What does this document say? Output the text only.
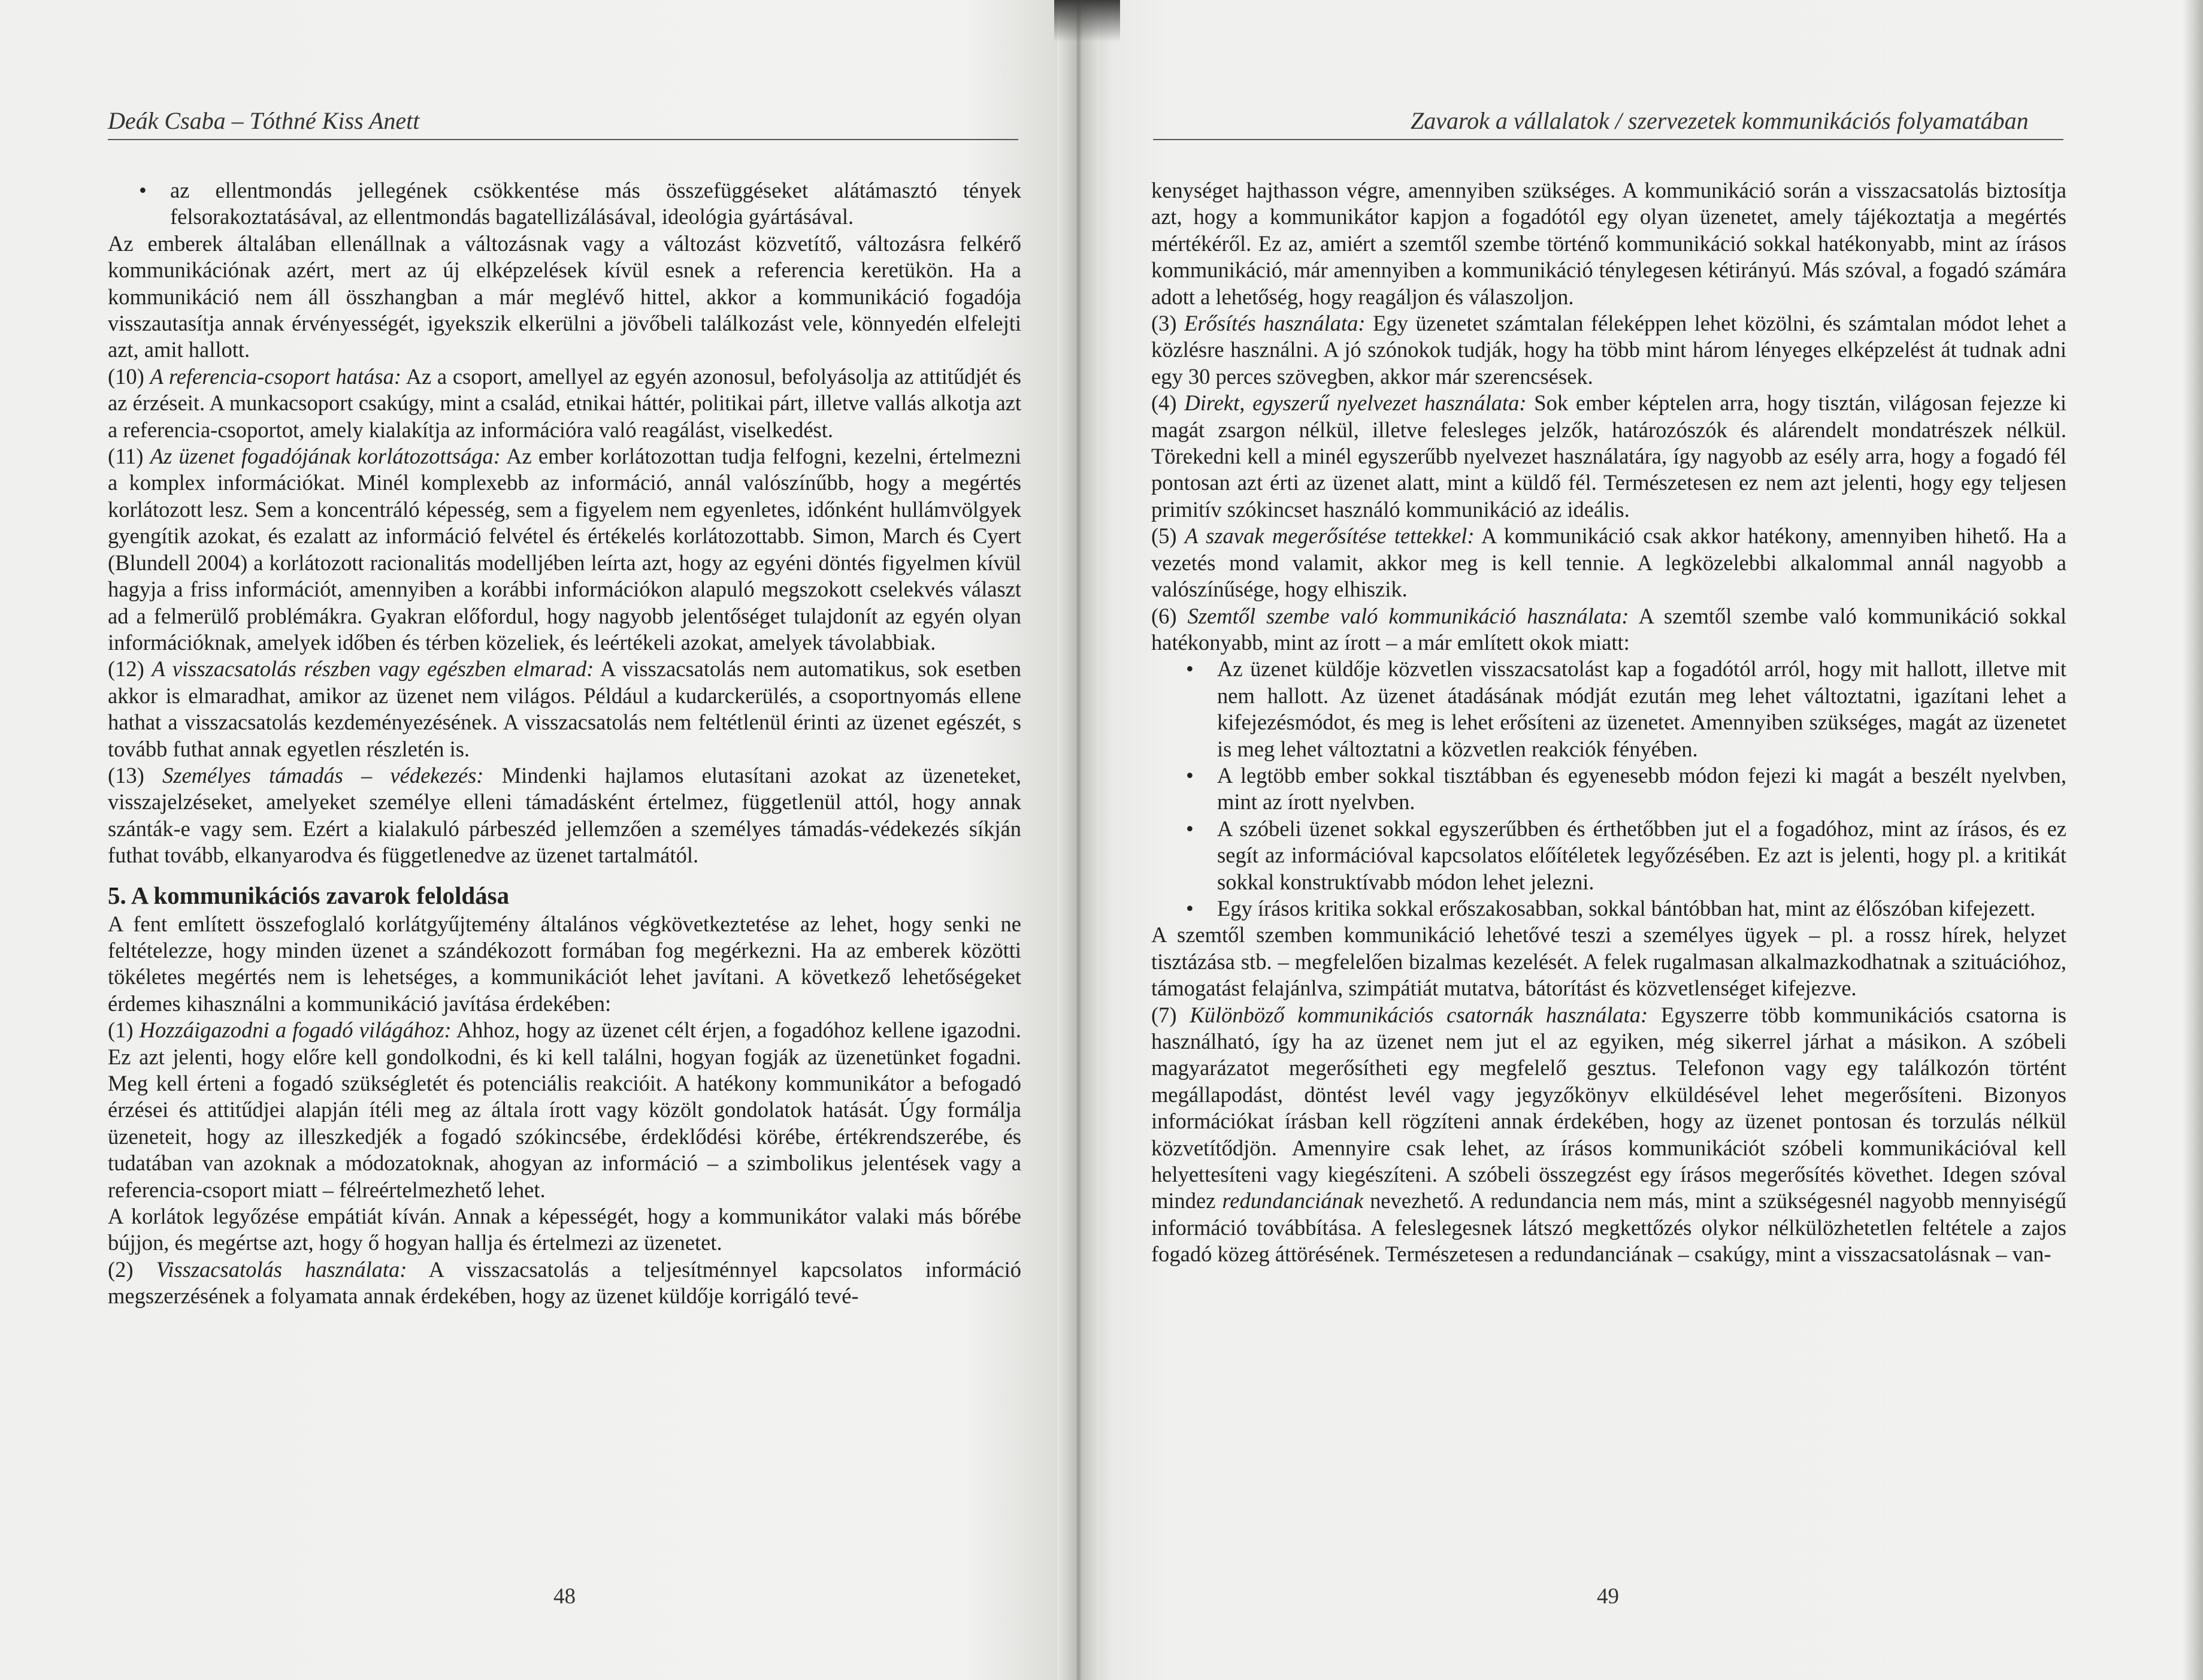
Deák Csaba – Tóthné Kiss Anett
• az ellentmondás jellegének csökkentése más összefüggéseket alátámasztó tények felsorakoztatásával, az ellentmondás bagatellizálásával, ideológia gyártásával.

Az emberek általában ellenállnak a változásnak vagy a változást közvetítő, változásra felkérő kommunikációnak azért, mert az új elképzelések kívül esnek a referencia keretükön. Ha a kommunikáció nem áll összhangban a már meglévő hittel, akkor a kommunikáció fogadója visszautasítja annak érvényességét, igyekszik elkerülni a jövőbeli találkozást vele, könnyedén elfelejti azt, amit hallott.

(10) A referencia-csoport hatása: Az a csoport, amellyel az egyén azonosul, befolyásolja az attitűdjét és az érzéseit. A munkacsoport csakúgy, mint a család, etnikai háttér, politikai párt, illetve vallás alkotja azt a referencia-csoportot, amely kialakítja az információra való reagálást, viselkedést.

(11) Az üzenet fogadójának korlátozottsága: Az ember korlátozottan tudja felfogni, kezelni, értelmezni a komplex információkat. Minél komplexebb az információ, annál valószínűbb, hogy a megértés korlátozott lesz. Sem a koncentráló képesség, sem a figyelem nem egyenletes, időnként hullámvölgyek gyengítik azokat, és ezalatt az információ felvétel és értékelés korlátozottabb. Simon, March és Cyert (Blundell 2004) a korlátozott racionalitás modelljében leírta azt, hogy az egyéni döntés figyelmen kívül hagyja a friss információt, amennyiben a korábbi információkon alapuló megszokott cselekvés választ ad a felmerülő problémákra. Gyakran előfordul, hogy nagyobb jelentőséget tulajdonít az egyén olyan információknak, amelyek időben és térben közeliek, és leértékeli azokat, amelyek távolabbiak.

(12) A visszacsatolás részben vagy egészben elmarad: A visszacsatolás nem automatikus, sok esetben akkor is elmaradhat, amikor az üzenet nem világos. Például a kudarckerülés, a csoportnyomás ellene hathat a visszacsatolás kezdeményezésének. A visszacsatolás nem feltétlenül érinti az üzenet egészét, s tovább futhat annak egyetlen részletén is.

(13) Személyes támadás – védekezés: Mindenki hajlamos elutasítani azokat az üzeneteket, visszajelzéseket, amelyeket személye elleni támadásként értelmez, függetlenül attól, hogy annak szánták-e vagy sem. Ezért a kialakuló párbeszéd jellemzően a személyes támadás-védekezés síkján futhat tovább, elkanyarodva és függetlenedve az üzenet tartalmától.

5. A kommunikációs zavarok feloldása

A fent említett összefoglaló korlátgyűjtemény általános végkövetkeztetése az lehet, hogy senki ne feltételezze, hogy minden üzenet a szándékozott formában fog megérkezni. Ha az emberek közötti tökéletes megértés nem is lehetséges, a kommunikációt lehet javítani. A következő lehetőségeket érdemes kihasználni a kommunikáció javítása érdekében:

(1) Hozzáigazodni a fogadó világához: Ahhoz, hogy az üzenet célt érjen, a fogadóhoz kellene igazodni. Ez azt jelenti, hogy előre kell gondolkodni, és ki kell találni, hogyan fogják az üzenetünket fogadni. Meg kell érteni a fogadó szükségletét és potenciális reakcióit. A hatékony kommunikátor a befogadó érzései és attitűdjei alapján ítéli meg az általa írott vagy közölt gondolatok hatását. Úgy formálja üzeneteit, hogy az illeszkedjék a fogadó szókincsébe, érdeklődési körébe, értékrendszerébe, és tudatában van azoknak a módozatoknak, ahogyan az információ – a szimbolikus jelentések vagy a referencia-csoport miatt – félreértelmezhető lehet.

A korlátok legyőzése empátiát kíván. Annak a képességét, hogy a kommunikátor valaki más bőrébe bújjon, és megértse azt, hogy ő hogyan hallja és értelmezi az üzenetet.

(2) Visszacsatolás használata: A visszacsatolás a teljesítménnyel kapcsolatos információ megszerzésének a folyamata annak érdekében, hogy az üzenet küldője korrigáló tevé-

48
Zavarok a vállalatok / szervezetek kommunikációs folyamatában

kenységet hajthasson végre, amennyiben szükséges. A kommunikáció során a visszacsatolás biztosítja azt, hogy a kommunikátor kapjon a fogadótól egy olyan üzenetet, amely tájékoztatja a megértés mértékéről. Ez az, amiért a szemtől szembe történő kommunikáció sokkal hatékonyabb, mint az írásos kommunikáció, már amennyiben a kommunikáció ténylegesen kétirányú. Más szóval, a fogadó számára adott a lehetőség, hogy reagáljon és válaszoljon.

(3) Erősítés használata: Egy üzenetet számtalan féleképpen lehet közölni, és számtalan módot lehet a közlésre használni. A jó szónokok tudják, hogy ha több mint három lényeges elképzelést át tudnak adni egy 30 perces szövegben, akkor már szerencsések.

(4) Direkt, egyszerű nyelvezet használata: Sok ember képtelen arra, hogy tisztán, világosan fejezze ki magát zsargon nélkül, illetve felesleges jelzők, határozószók és alárendelt mondatrészek nélkül. Törekedni kell a minél egyszerűbb nyelvezet használatára, így nagyobb az esély arra, hogy a fogadó fél pontosan azt érti az üzenet alatt, mint a küldő fél. Természetesen ez nem azt jelenti, hogy egy teljesen primitív szókincset használó kommunikáció az ideális.

(5) A szavak megerősítése tettekkel: A kommunikáció csak akkor hatékony, amennyiben hihető. Ha a vezetés mond valamit, akkor meg is kell tennie. A legközelebbi alkalommal annál nagyobb a valószínűsége, hogy elhiszik.

(6) Szemtől szembe való kommunikáció használata: A szemtől szembe való kommunikáció sokkal hatékonyabb, mint az írott – a már említett okok miatt:

• Az üzenet küldője közvetlen visszacsatolást kap a fogadótól arról, hogy mit hallott, illetve mit nem hallott. Az üzenet átadásának módját ezután meg lehet változtatni, igazítani lehet a kifejezésmódot, és meg is lehet erősíteni az üzenetet. Amennyiben szükséges, magát az üzenetet is meg lehet változtatni a közvetlen reakciók fényében.
• A legtöbb ember sokkal tisztábban és egyenesebb módon fejezi ki magát a beszélt nyelvben, mint az írott nyelvben.
• A szóbeli üzenet sokkal egyszerűbben és érthetőbben jut el a fogadóhoz, mint az írásos, és ez segít az információval kapcsolatos előítéletek legyőzésében. Ez azt is jelenti, hogy pl. a kritikát sokkal konstruktívabb módon lehet jelezni.
• Egy írásos kritika sokkal erőszakosabban, sokkal bántóbban hat, mint az élőszóban kifejezett.

A szemtől szemben kommunikáció lehetővé teszi a személyes ügyek – pl. a rossz hírek, helyzet tisztázása stb. – megfelelően bizalmas kezelését. A felek rugalmasan alkalmazkodhatnak a szituációhoz, támogatást felajánlva, szimpátiát mutatva, bátorítást és közvetlenséget kifejezve.

(7) Különböző kommunikációs csatornák használata: Egyszerre több kommunikációs csatorna is használható, így ha az üzenet nem jut el az egyiken, még sikerrel járhat a másikon. A szóbeli magyarázatot megerősítheti egy megfelelő gesztus. Telefonon vagy egy találkozón történt megállapodást, döntést levél vagy jegyzőkönyv elküldésével lehet megerősíteni. Bizonyos információkat írásban kell rögzíteni annak érdekében, hogy az üzenet pontosan és torzulás nélkül közvetítődjön. Amennyire csak lehet, az írásos kommunikációt szóbeli kommunikációval kell helyettesíteni vagy kiegészíteni. A szóbeli összegzést egy írásos megerősítés követhet. Idegen szóval mindez redundanciának nevezhető. A redundancia nem más, mint a szükségesnél nagyobb mennyiségű információ továbbítása. A feleslegesnek látszó megkettőzés olykor nélkülözhetetlen feltétele a zajos fogadó közeg áttörésének. Természetesen a redundanciának – csakúgy, mint a visszacsatolásnak – van-

49
